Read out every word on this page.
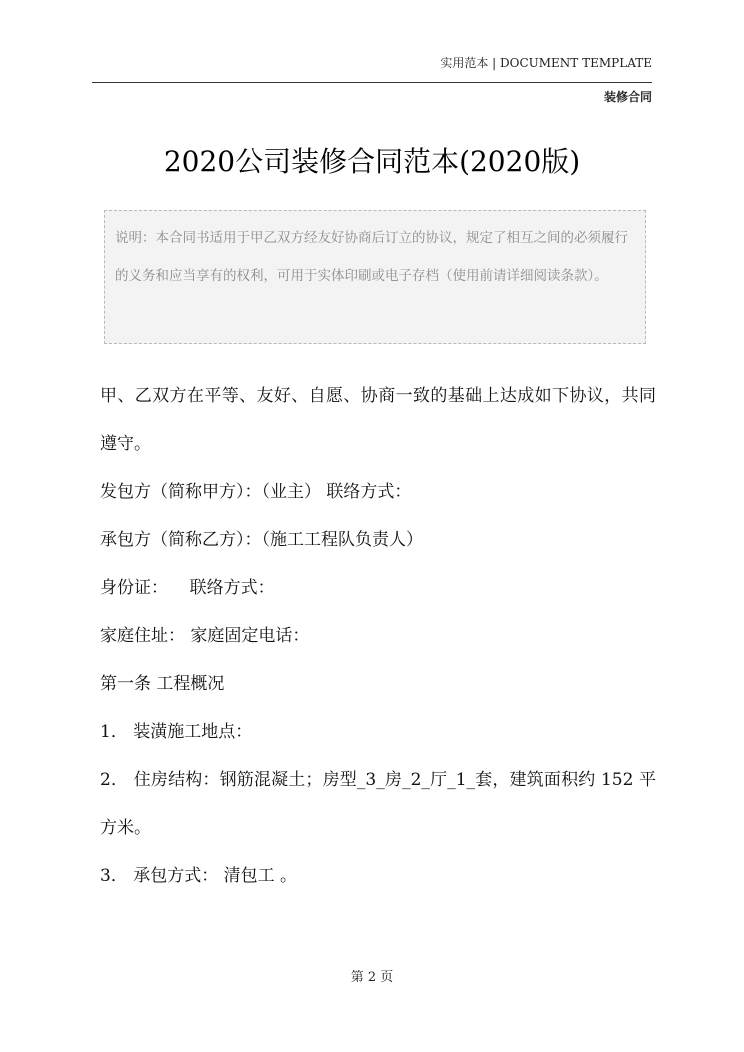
实用范本 | DOCUMENT TEMPLATE
装修合同
2020公司装修合同范本(2020版)

说明：本合同书适用于甲乙双方经友好协商后订立的协议，规定了相互之间的必须履行的义务和应当享有的权利，可用于实体印刷或电子存档（使用前请详细阅读条款）。

甲、乙双方在平等、友好、自愿、协商一致的基础上达成如下协议，共同遵守。

发包方（简称甲方）：（业主） 联络方式：

承包方（简称乙方）：（施工工程队负责人）

身份证：    联络方式：

家庭住址： 家庭固定电话：

第一条 工程概况

1． 装潢施工地点：

2． 住房结构：钢筋混凝土；房型_3_房_2_厅_1_套，建筑面积约 152 平方米。

3． 承包方式： 清包工 。

第 2 页
